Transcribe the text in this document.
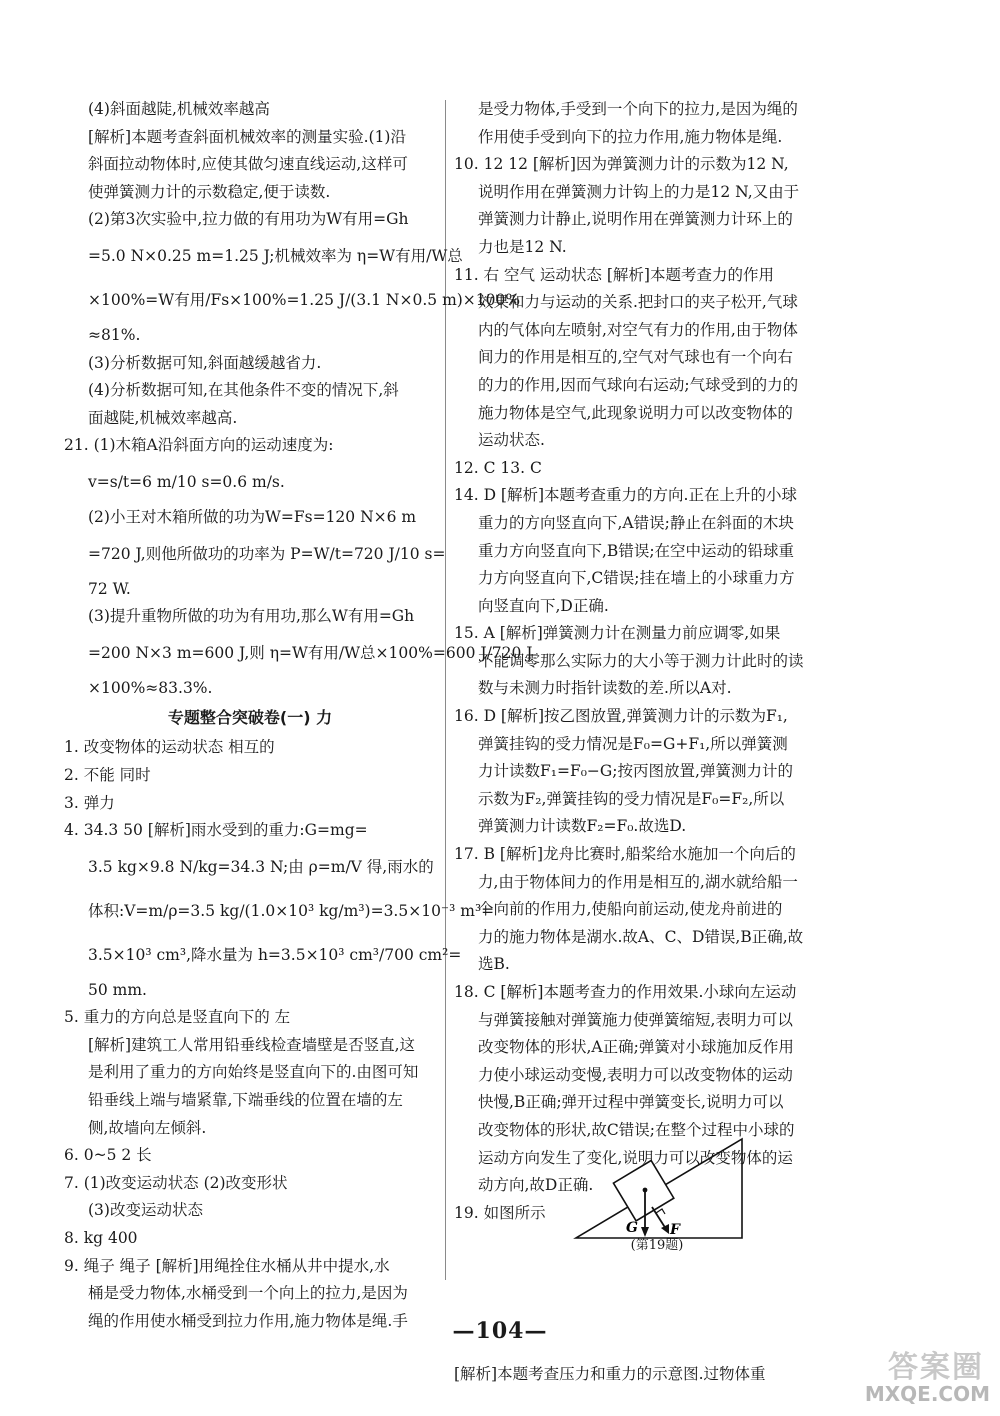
(4)斜面越陡,机械效率越高
[解析]本题考查斜面机械效率的测量实验.(1)沿
斜面拉动物体时,应使其做匀速直线运动,这样可
使弹簧测力计的示数稳定,便于读数.
(2)第3次实验中,拉力做的有用功为W有用=Gh
=5.0 N×0.25 m=1.25 J;机械效率为 η=W有用/W总
×100%=W有用/Fs×100%=1.25 J/(3.1 N×0.5 m)×100%
≈81%.
(3)分析数据可知,斜面越缓越省力.
(4)分析数据可知,在其他条件不变的情况下,斜
面越陡,机械效率越高.
21. (1)木箱A沿斜面方向的运动速度为:
v=s/t=6 m/10 s=0.6 m/s.
(2)小王对木箱所做的功为W=Fs=120 N×6 m
=720 J,则他所做功的功率为 P=W/t=720 J/10 s=
72 W.
(3)提升重物所做的功为有用功,那么W有用=Gh
=200 N×3 m=600 J,则 η=W有用/W总×100%=600 J/720 J
×100%≈83.3%.
专题整合突破卷(一) 力
1. 改变物体的运动状态 相互的
2. 不能 同时
3. 弹力
4. 34.3 50 [解析]雨水受到的重力:G=mg=
3.5 kg×9.8 N/kg=34.3 N;由 ρ=m/V 得,雨水的
体积:V=m/ρ=3.5 kg/(1.0×10³ kg/m³)=3.5×10⁻³ m³=
3.5×10³ cm³,降水量为 h=3.5×10³ cm³/700 cm²=
50 mm.
5. 重力的方向总是竖直向下的 左
[解析]建筑工人常用铅垂线检查墙壁是否竖直,这
是利用了重力的方向始终是竖直向下的.由图可知
铅垂线上端与墙紧靠,下端垂线的位置在墙的左
侧,故墙向左倾斜.
6. 0~5 2 长
7. (1)改变运动状态 (2)改变形状
(3)改变运动状态
8. kg 400
9. 绳子 绳子 [解析]用绳拴住水桶从井中提水,水
桶是受力物体,水桶受到一个向上的拉力,是因为
绳的作用使水桶受到拉力作用,施力物体是绳.手
是受力物体,手受到一个向下的拉力,是因为绳的
作用使手受到向下的拉力作用,施力物体是绳.
10. 12 12 [解析]因为弹簧测力计的示数为12 N,
说明作用在弹簧测力计钩上的力是12 N,又由于
弹簧测力计静止,说明作用在弹簧测力计环上的
力也是12 N.
11. 右 空气 运动状态 [解析]本题考查力的作用
效果和力与运动的关系.把封口的夹子松开,气球
内的气体向左喷射,对空气有力的作用,由于物体
间力的作用是相互的,空气对气球也有一个向右
的力的作用,因而气球向右运动;气球受到的力的
施力物体是空气,此现象说明力可以改变物体的
运动状态.
12. C 13. C
14. D [解析]本题考查重力的方向.正在上升的小球
重力的方向竖直向下,A错误;静止在斜面的木块
重力方向竖直向下,B错误;在空中运动的铅球重
力方向竖直向下,C错误;挂在墙上的小球重力方
向竖直向下,D正确.
15. A [解析]弹簧测力计在测量力前应调零,如果
不能调零那么实际力的大小等于测力计此时的读
数与未测力时指针读数的差.所以A对.
16. D [解析]按乙图放置,弹簧测力计的示数为F₁,
弹簧挂钩的受力情况是F₀=G+F₁,所以弹簧测
力计读数F₁=F₀−G;按丙图放置,弹簧测力计的
示数为F₂,弹簧挂钩的受力情况是F₀=F₂,所以
弹簧测力计读数F₂=F₀.故选D.
17. B [解析]龙舟比赛时,船桨给水施加一个向后的
力,由于物体间力的作用是相互的,湖水就给船一
个向前的作用力,使船向前运动,使龙舟前进的
力的施力物体是湖水.故A、C、D错误,B正确,故
选B.
18. C [解析]本题考查力的作用效果.小球向左运动
与弹簧接触对弹簧施力使弹簧缩短,表明力可以
改变物体的形状,A正确;弹簧对小球施加反作用
力使小球运动变慢,表明力可以改变物体的运动
快慢,B正确;弹开过程中弹簧变长,说明力可以
改变物体的形状,故C错误;在整个过程中小球的
运动方向发生了变化,说明力可以改变物体的运
动方向,故D正确.
19. 如图所示
[解析]本题考查压力和重力的示意图.过物体重
G F
(第19题)
—104—
答案圈
MXQE.COM
